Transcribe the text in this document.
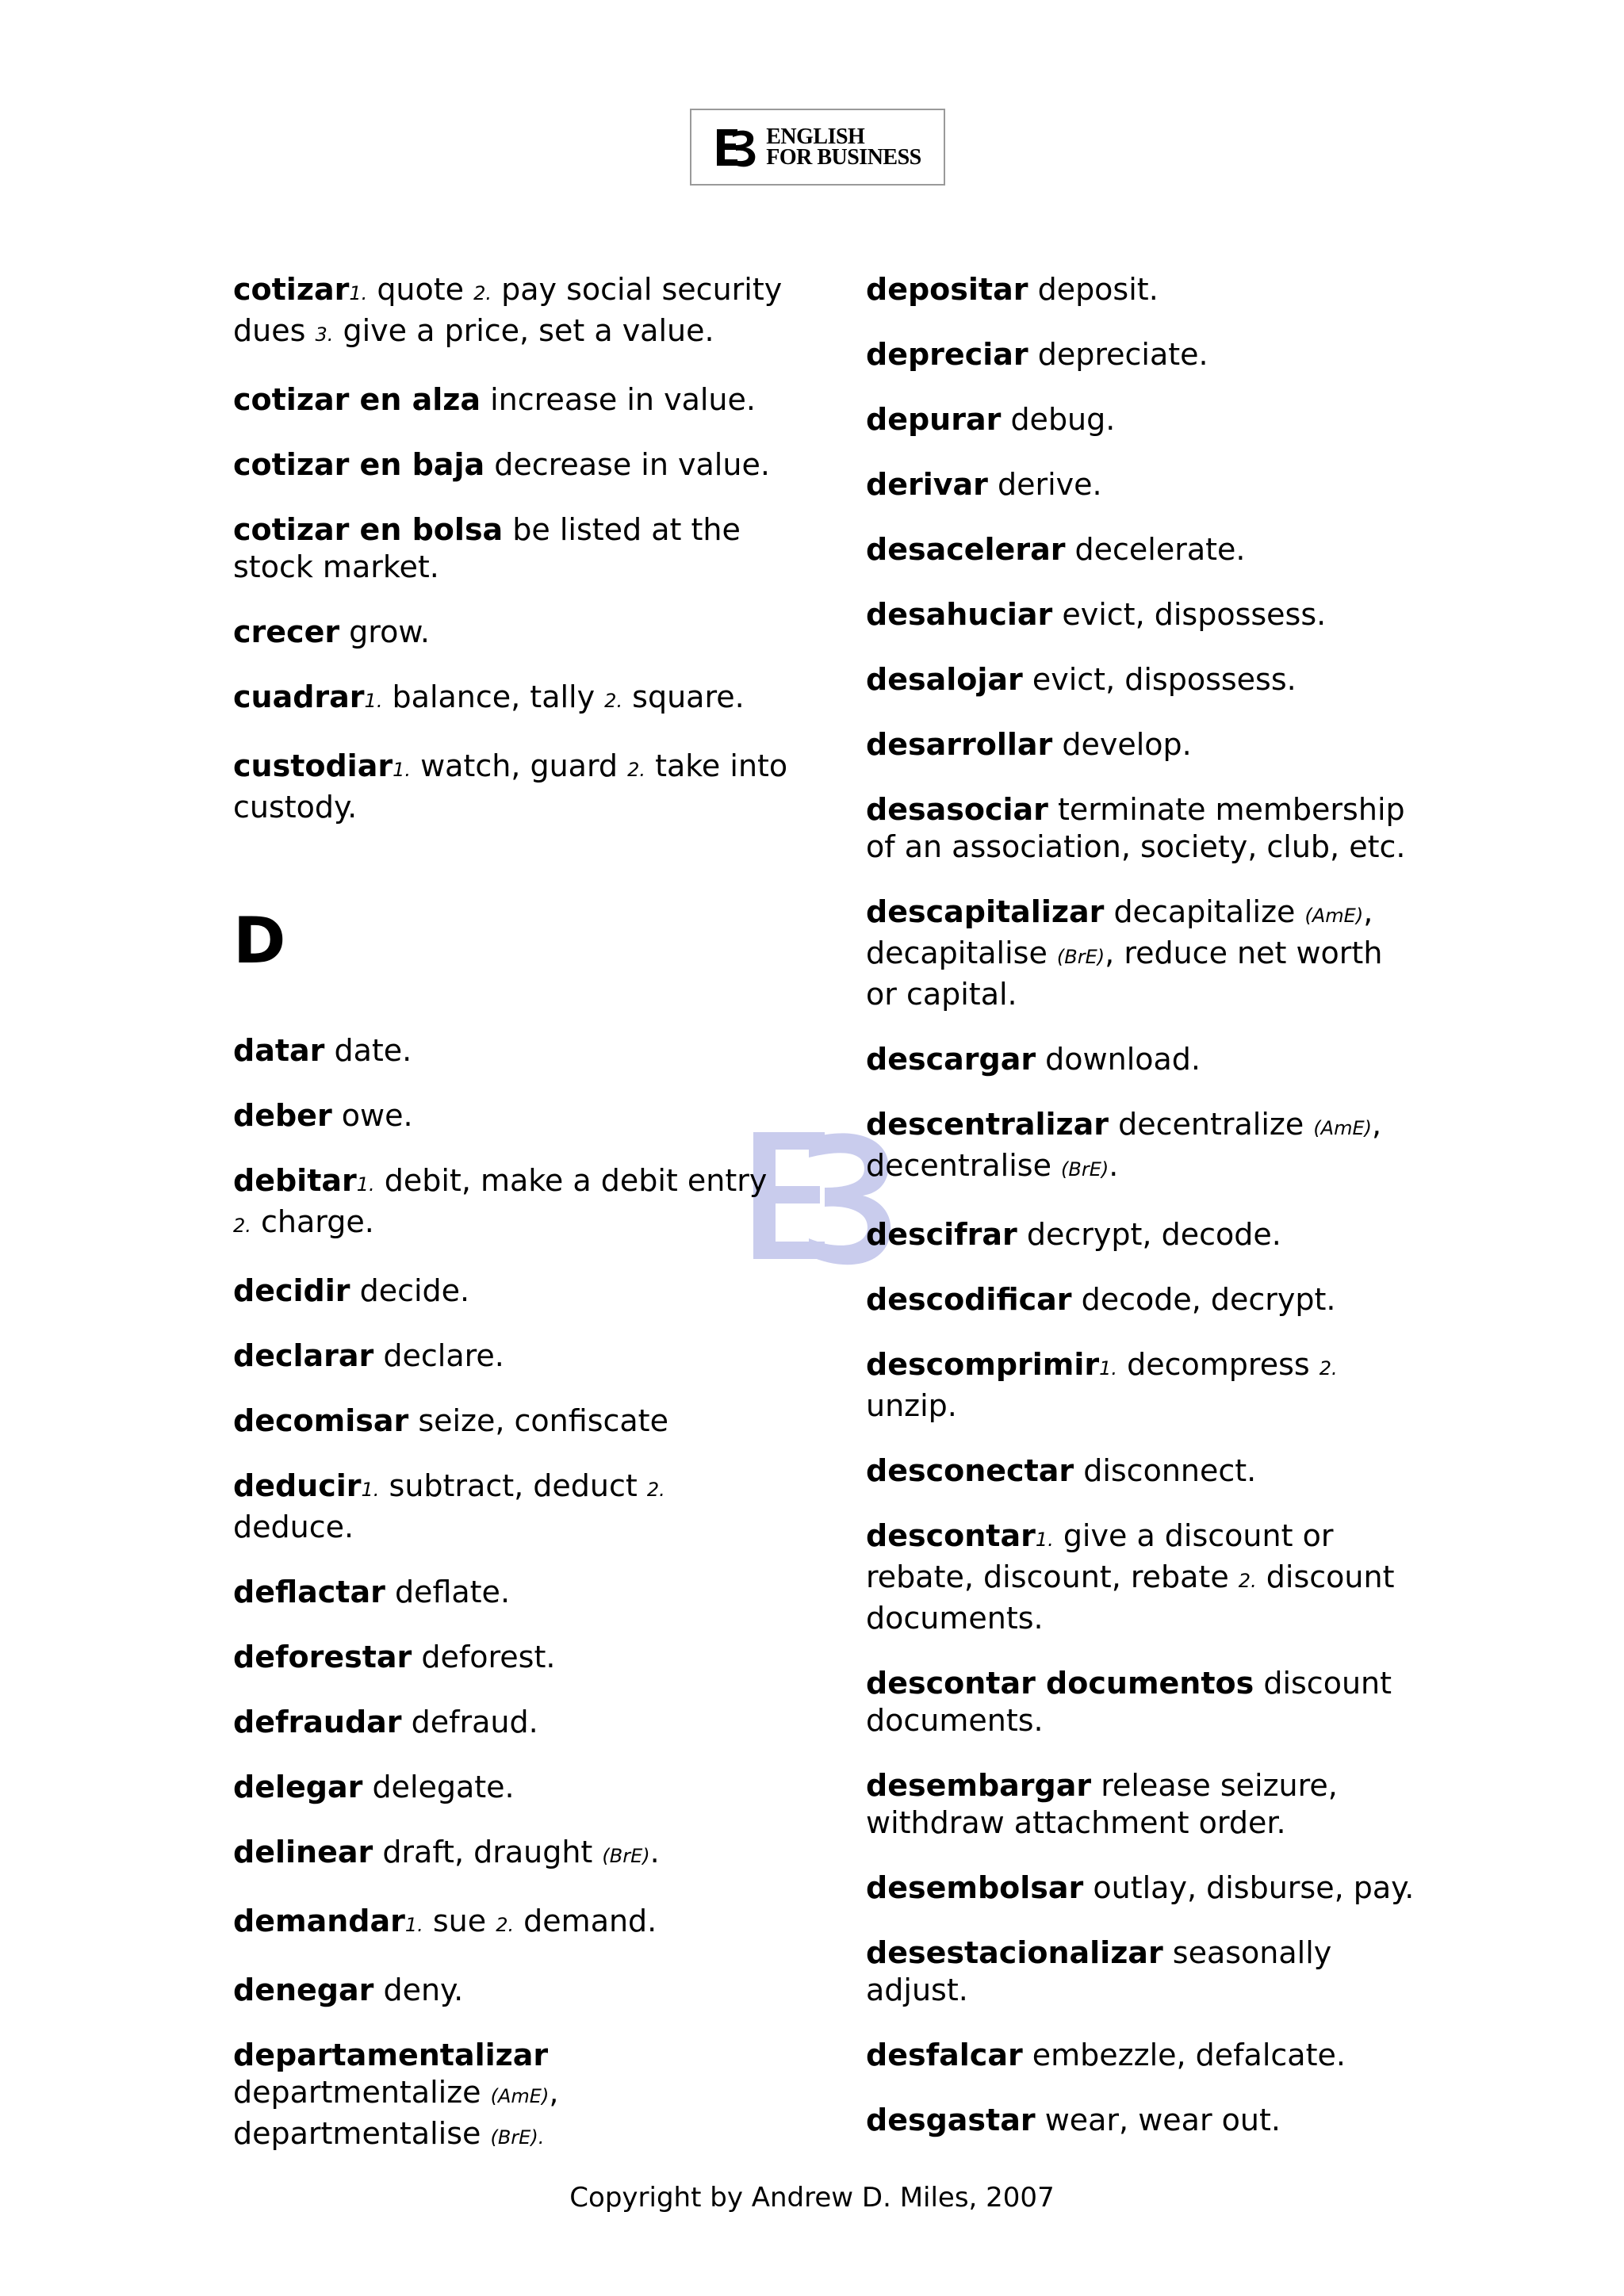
ENGLISH
FOR BUSINESS
cotizar1. quote 2. pay social security dues 3. give a price, set a value.
cotizar en alza increase in value.
cotizar en baja decrease in value.
cotizar en bolsa be listed at the stock market.
crecer grow.
cuadrar1. balance, tally 2. square.
custodiar1. watch, guard 2. take into custody.
D
datar date.
deber owe.
debitar1. debit, make a debit entry 2. charge.
decidir decide.
declarar declare.
decomisar seize, confiscate
deducir1. subtract, deduct 2. deduce.
deflactar deflate.
deforestar deforest.
defraudar defraud.
delegar delegate.
delinear draft, draught (BrE).
demandar1. sue 2. demand.
denegar deny.
departamentalizar departmentalize (AmE), departmentalise (BrE).
depositar deposit.
depreciar depreciate.
depurar debug.
derivar derive.
desacelerar decelerate.
desahuciar evict, dispossess.
desalojar evict, dispossess.
desarrollar develop.
desasociar terminate membership of an association, society, club, etc.
descapitalizar decapitalize (AmE), decapitalise (BrE), reduce net worth or capital.
descargar download.
descentralizar decentralize (AmE), decentralise (BrE).
descifrar decrypt, decode.
descodificar decode, decrypt.
descomprimir1. decompress 2. unzip.
desconectar disconnect.
descontar1. give a discount or rebate, discount, rebate 2. discount documents.
descontar documentos discount documents.
desembargar release seizure, withdraw attachment order.
desembolsar outlay, disburse, pay.
desestacionalizar seasonally adjust.
desfalcar embezzle, defalcate.
desgastar wear, wear out.
Copyright by Andrew D. Miles, 2007
